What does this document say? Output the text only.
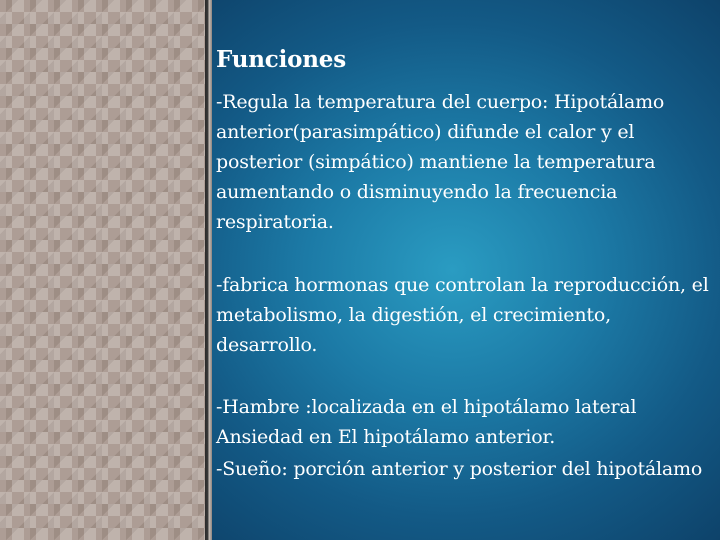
Funciones

-Regula la temperatura del cuerpo: Hipotálamo anterior(parasimpático) difunde el calor y el posterior (simpático) mantiene la temperatura aumentando o disminuyendo la frecuencia respiratoria.

-fabrica hormonas que controlan la reproducción, el metabolismo, la digestión, el crecimiento, desarrollo.

-Hambre :localizada en el hipotálamo lateral Ansiedad en El hipotálamo anterior.

-Sueño: porción anterior y posterior del hipotálamo
